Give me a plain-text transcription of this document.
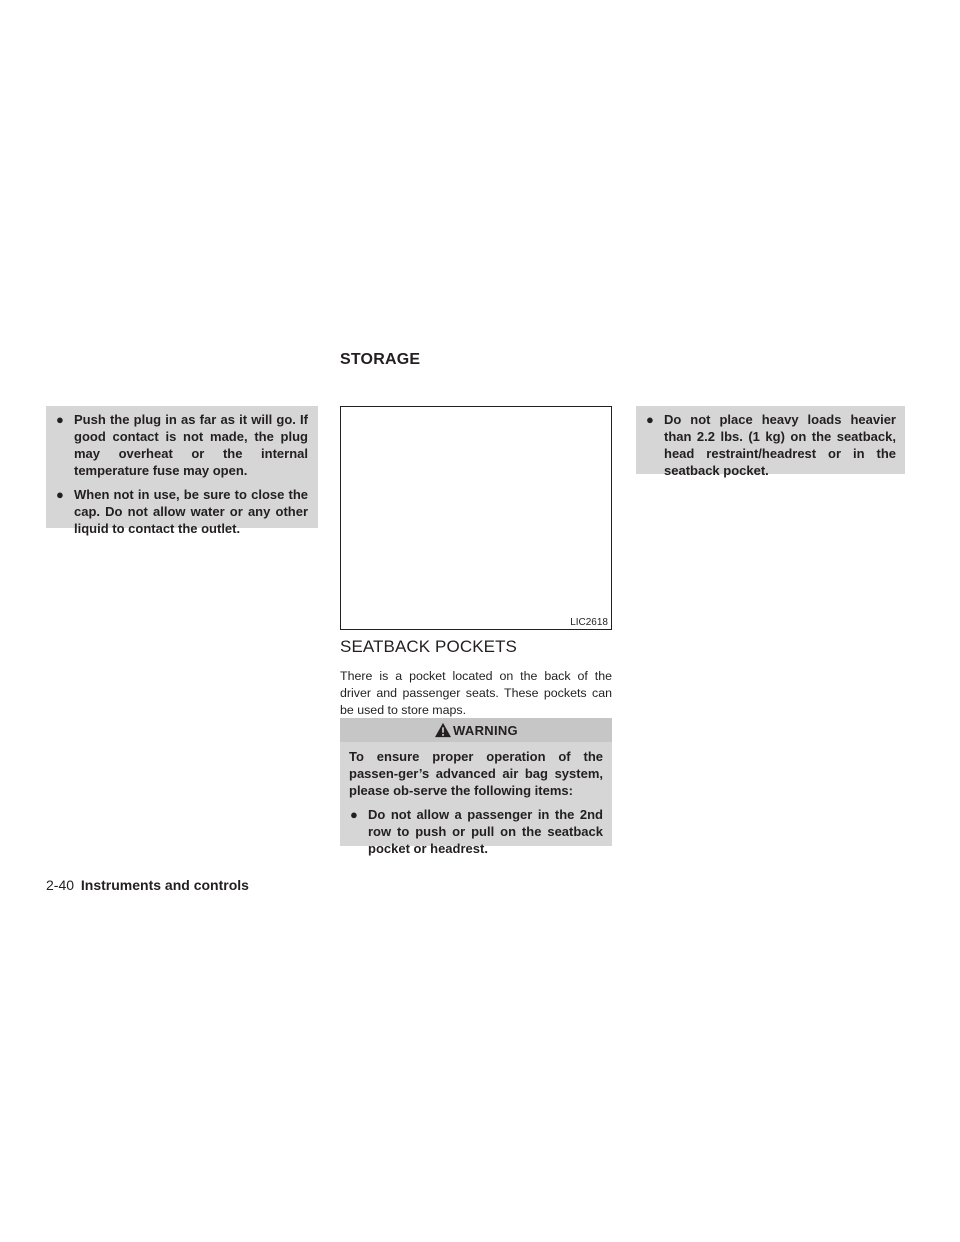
● Push the plug in as far as it will go. If good contact is not made, the plug may overheat or the internal temperature fuse may open.
● When not in use, be sure to close the cap. Do not allow water or any other liquid to contact the outlet.
STORAGE
LIC2618
SEATBACK POCKETS
There is a pocket located on the back of the driver and passenger seats. These pockets can be used to store maps.
WARNING
To ensure proper operation of the passen-ger’s advanced air bag system, please ob-serve the following items:
● Do not allow a passenger in the 2nd row to push or pull on the seatback pocket or headrest.
● Do not place heavy loads heavier than 2.2 lbs. (1 kg) on the seatback, head restraint/headrest or in the seatback pocket.
2-40 Instruments and controls
